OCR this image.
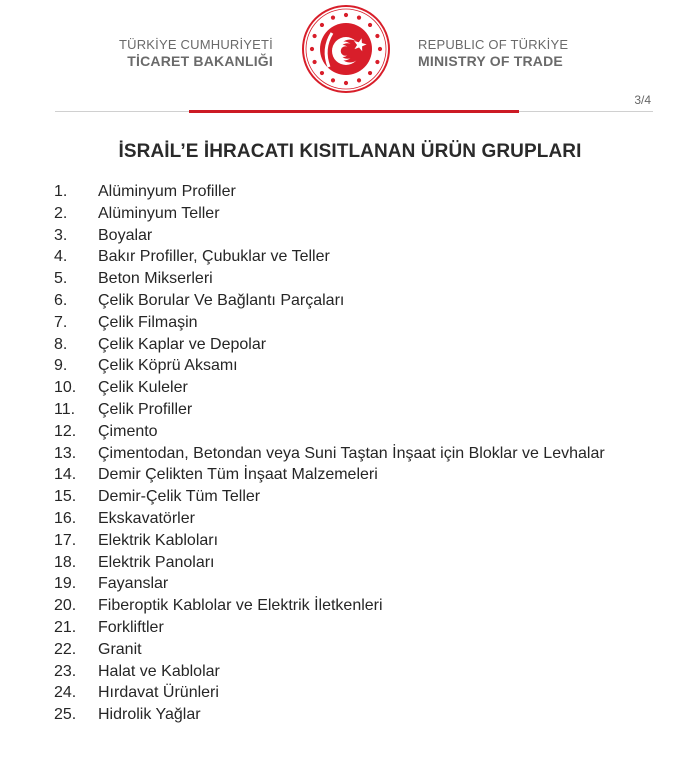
TÜRKİYE CUMHURİYETİ
TİCARET BAKANLIĞI
REPUBLIC OF TÜRKİYE
MINISTRY OF TRADE
3/4
İSRAİL’E İHRACATI KISITLANAN ÜRÜN GRUPLARI
1. Alüminyum Profiller
2. Alüminyum Teller
3. Boyalar
4. Bakır Profiller, Çubuklar ve Teller
5. Beton Mikserleri
6. Çelik Borular Ve Bağlantı Parçaları
7. Çelik Filmaşin
8. Çelik Kaplar ve Depolar
9. Çelik Köprü Aksamı
10. Çelik Kuleler
11. Çelik Profiller
12. Çimento
13. Çimentodan, Betondan veya Suni Taştan İnşaat için Bloklar ve Levhalar
14. Demir Çelikten Tüm İnşaat Malzemeleri
15. Demir-Çelik Tüm Teller
16. Ekskavatörler
17. Elektrik Kabloları
18. Elektrik Panoları
19. Fayanslar
20. Fiberoptik Kablolar ve Elektrik İletkenleri
21. Forkliftler
22. Granit
23. Halat ve Kablolar
24. Hırdavat Ürünleri
25. Hidrolik Yağlar
